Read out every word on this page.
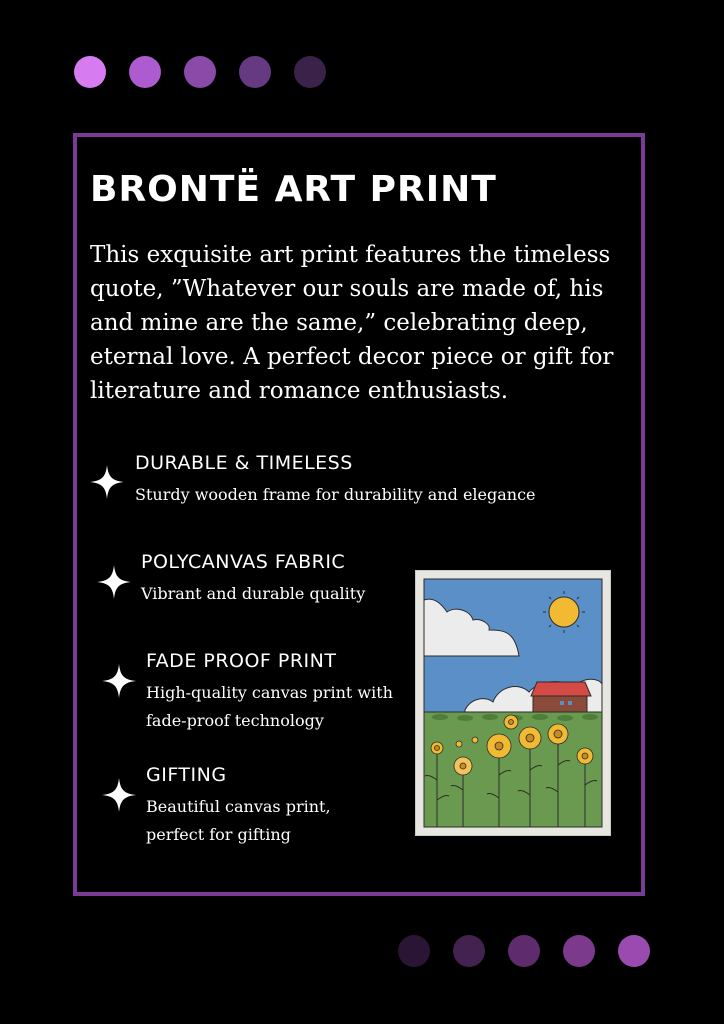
BRONTË ART PRINT

This exquisite art print features the timeless quote, ”Whatever our souls are made of, his and mine are the same,” celebrating deep, eternal love. A perfect decor piece or gift for literature and romance enthusiasts.

DURABLE & TIMELESS
Sturdy wooden frame for durability and elegance
POLYCANVAS FABRIC
Vibrant and durable quality
FADE PROOF PRINT
High-quality canvas print with fade-proof technology
GIFTING
Beautiful canvas print, perfect for gifting
